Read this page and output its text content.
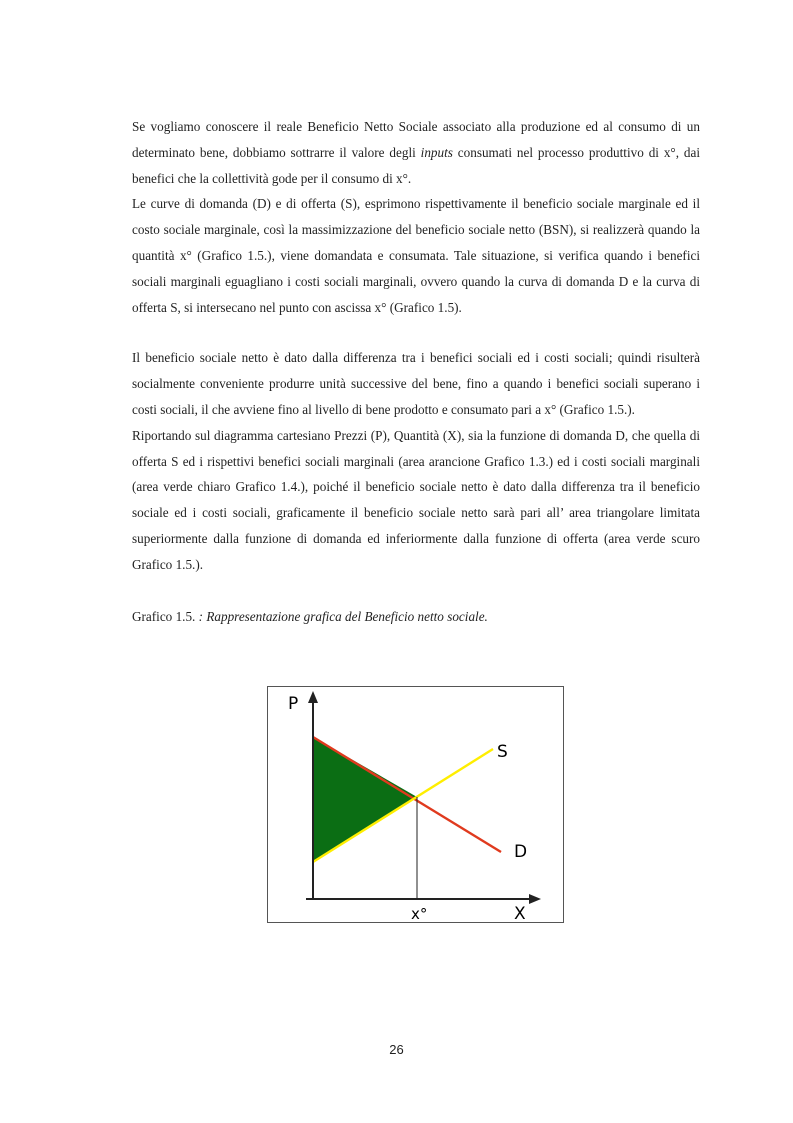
Se vogliamo conoscere il reale Beneficio Netto Sociale associato alla produzione ed al consumo di un determinato bene, dobbiamo sottrarre il valore degli inputs consumati nel processo produttivo di x°, dai benefici che la collettività gode per il consumo di x°.

Le curve di domanda (D) e di offerta (S), esprimono rispettivamente il beneficio sociale marginale ed il costo sociale marginale, così la massimizzazione del beneficio sociale netto (BSN), si realizzerà quando la quantità x° (Grafico 1.5.), viene domandata e consumata. Tale situazione, si verifica quando i benefici sociali marginali eguagliano i costi sociali marginali, ovvero quando la curva di domanda D e la curva di offerta S, si intersecano nel punto con ascissa x° (Grafico 1.5).

Il beneficio sociale netto è dato dalla differenza tra i benefici sociali ed i costi sociali; quindi risulterà socialmente conveniente produrre unità successive del bene, fino a quando i benefici sociali superano i costi sociali, il che avviene fino al livello di bene prodotto e consumato pari a x° (Grafico 1.5.).

Riportando sul diagramma cartesiano Prezzi (P), Quantità (X), sia la funzione di domanda D, che quella di offerta S ed i rispettivi benefici sociali marginali (area arancione Grafico 1.3.) ed i costi sociali marginali (area verde chiaro Grafico 1.4.), poiché il beneficio sociale netto è dato dalla differenza tra il beneficio sociale ed i costi sociali, graficamente il beneficio sociale netto sarà pari all’ area triangolare limitata superiormente dalla funzione di domanda ed inferiormente dalla funzione di offerta (area verde scuro Grafico 1.5.).

Grafico 1.5. : Rappresentazione grafica del Beneficio netto sociale.
P
X
S
D
x°
26
